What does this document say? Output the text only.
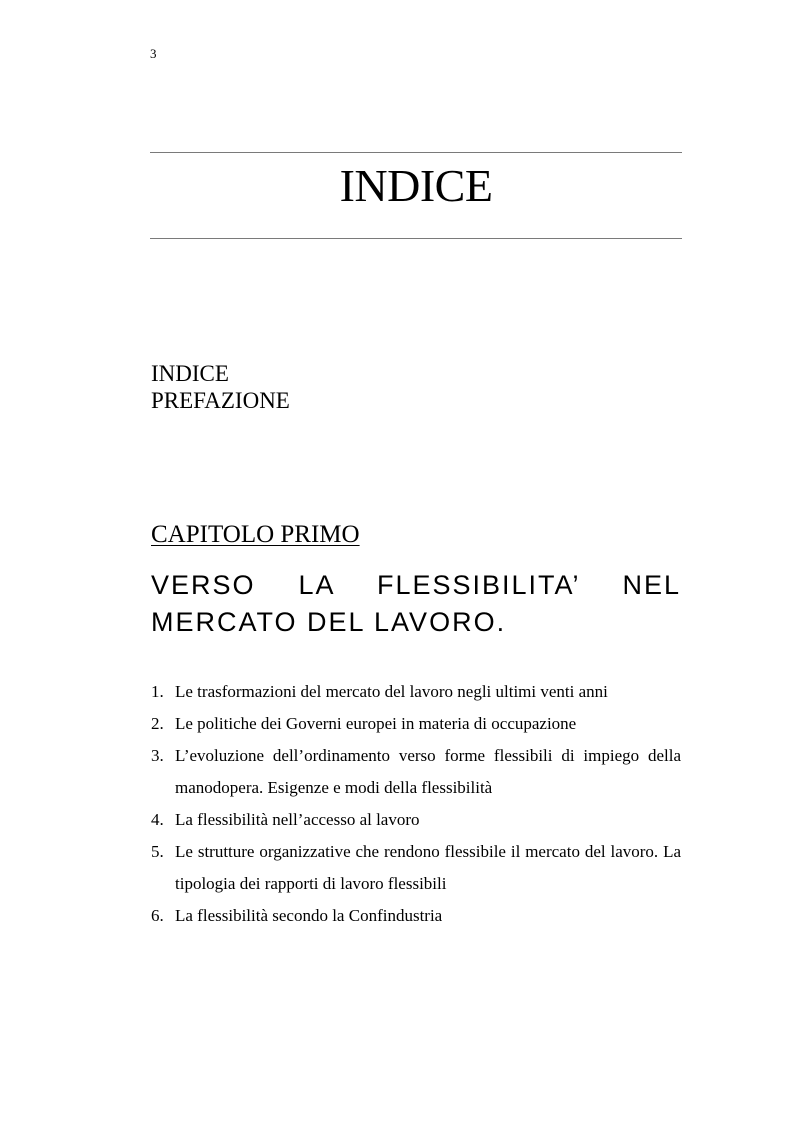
3
INDICE
INDICE
PREFAZIONE
CAPITOLO PRIMO
VERSO LA FLESSIBILITA’ NEL MERCATO DEL LAVORO.
1. Le trasformazioni del mercato del lavoro negli ultimi venti anni
2. Le politiche dei Governi europei in materia di occupazione
3. L’evoluzione dell’ordinamento verso forme flessibili di impiego della manodopera. Esigenze e modi della flessibilità
4. La flessibilità nell’accesso al lavoro
5. Le strutture organizzative che rendono flessibile il mercato del lavoro. La tipologia dei rapporti di lavoro flessibili
6. La flessibilità secondo la Confindustria
